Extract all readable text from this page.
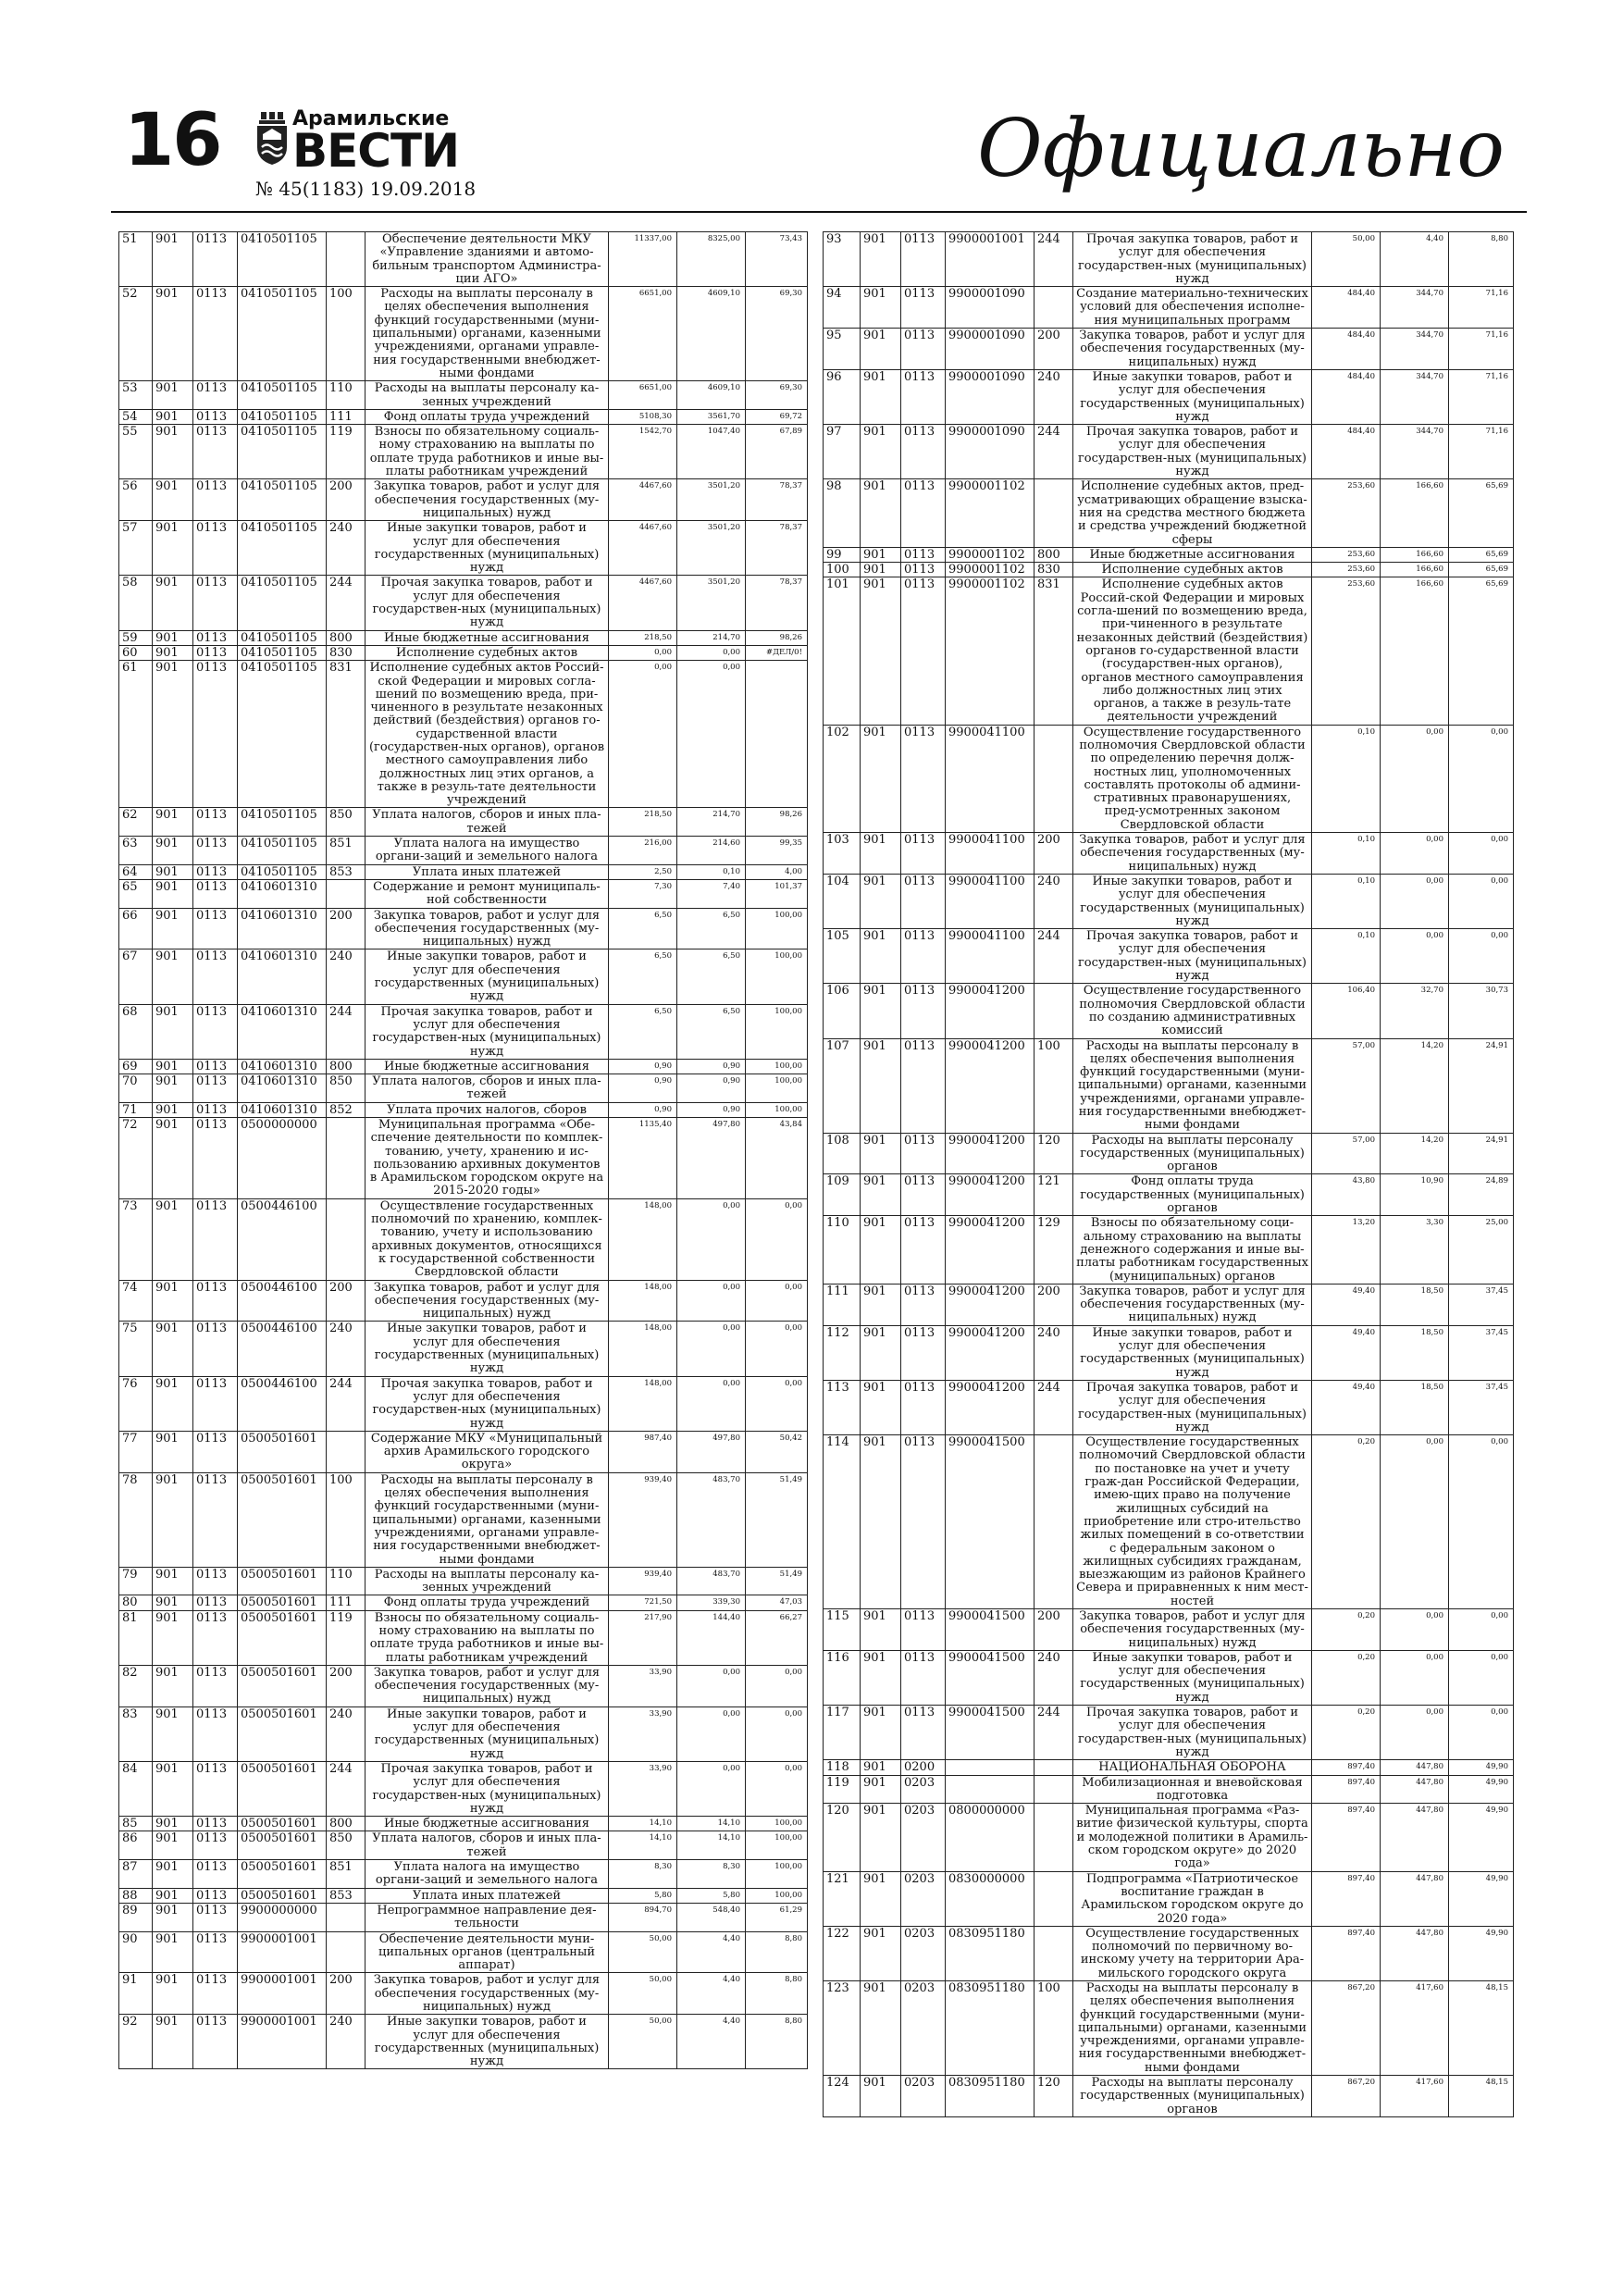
16	Арамильские
ВЕСТИ
№ 45(1183) 19.09.2018	Официально
51	901	0113	0410501105		Обеспечение деятельности МКУ «Управление зданиями и автомо-бильным транспортом Администра-ции АГО»	11337,00	8325,00	73,43
52	901	0113	0410501105	100	Расходы на выплаты персоналу в целях обеспечения выполнения функций государственными (муни-ципальными) органами, казенными учреждениями, органами управле-ния государственными внебюджет-ными фондами	6651,00	4609,10	69,30
53	901	0113	0410501105	110	Расходы на выплаты персоналу ка-зенных учреждений	6651,00	4609,10	69,30
54	901	0113	0410501105	111	Фонд оплаты труда учреждений	5108,30	3561,70	69,72
55	901	0113	0410501105	119	Взносы по обязательному социаль-ному страхованию на выплаты по оплате труда работников и иные вы-платы работникам учреждений	1542,70	1047,40	67,89
56	901	0113	0410501105	200	Закупка товаров, работ и услуг для обеспечения государственных (му-ниципальных) нужд	4467,60	3501,20	78,37
57	901	0113	0410501105	240	Иные закупки товаров, работ и услуг для обеспечения государственных (муниципальных) нужд	4467,60	3501,20	78,37
58	901	0113	0410501105	244	Прочая закупка товаров, работ и услуг для обеспечения государствен-ных (муниципальных) нужд	4467,60	3501,20	78,37
59	901	0113	0410501105	800	Иные бюджетные ассигнования	218,50	214,70	98,26
60	901	0113	0410501105	830	Исполнение судебных актов	0,00	0,00	#ДЕЛ/0!
61	901	0113	0410501105	831	Исполнение судебных актов Россий-ской Федерации и мировых согла-шений по возмещению вреда, при-чиненного в результате незаконных действий (бездействия) органов го-сударственной власти (государствен-ных органов), органов местного самоуправления либо должностных лиц этих органов, а также в резуль-тате деятельности учреждений	0,00	0,00	
62	901	0113	0410501105	850	Уплата налогов, сборов и иных пла-тежей	218,50	214,70	98,26
63	901	0113	0410501105	851	Уплата налога на имущество органи-заций и земельного налога	216,00	214,60	99,35
64	901	0113	0410501105	853	Уплата иных платежей	2,50	0,10	4,00
65	901	0113	0410601310		Содержание и ремонт муниципаль-ной собственности	7,30	7,40	101,37
66	901	0113	0410601310	200	Закупка товаров, работ и услуг для обеспечения государственных (му-ниципальных) нужд	6,50	6,50	100,00
67	901	0113	0410601310	240	Иные закупки товаров, работ и услуг для обеспечения государственных (муниципальных) нужд	6,50	6,50	100,00
68	901	0113	0410601310	244	Прочая закупка товаров, работ и услуг для обеспечения государствен-ных (муниципальных) нужд	6,50	6,50	100,00
69	901	0113	0410601310	800	Иные бюджетные ассигнования	0,90	0,90	100,00
70	901	0113	0410601310	850	Уплата налогов, сборов и иных пла-тежей	0,90	0,90	100,00
71	901	0113	0410601310	852	Уплата прочих налогов, сборов	0,90	0,90	100,00
72	901	0113	0500000000		Муниципальная программа «Обе-спечение деятельности по комплек-тованию, учету, хранению и ис-пользованию архивных документов в Арамильском городском округе на 2015-2020 годы»	1135,40	497,80	43,84
73	901	0113	0500446100		Осуществление государственных полномочий по хранению, комплек-тованию, учету и использованию архивных документов, относящихся к государственной собственности Свердловской области	148,00	0,00	0,00
74	901	0113	0500446100	200	Закупка товаров, работ и услуг для обеспечения государственных (му-ниципальных) нужд	148,00	0,00	0,00
75	901	0113	0500446100	240	Иные закупки товаров, работ и услуг для обеспечения государственных (муниципальных) нужд	148,00	0,00	0,00
76	901	0113	0500446100	244	Прочая закупка товаров, работ и услуг для обеспечения государствен-ных (муниципальных) нужд	148,00	0,00	0,00
77	901	0113	0500501601		Содержание МКУ «Муниципальный архив Арамильского городского округа»	987,40	497,80	50,42
78	901	0113	0500501601	100	Расходы на выплаты персоналу в целях обеспечения выполнения функций государственными (муни-ципальными) органами, казенными учреждениями, органами управле-ния государственными внебюджет-ными фондами	939,40	483,70	51,49
79	901	0113	0500501601	110	Расходы на выплаты персоналу ка-зенных учреждений	939,40	483,70	51,49
80	901	0113	0500501601	111	Фонд оплаты труда учреждений	721,50	339,30	47,03
81	901	0113	0500501601	119	Взносы по обязательному социаль-ному страхованию на выплаты по оплате труда работников и иные вы-платы работникам учреждений	217,90	144,40	66,27
82	901	0113	0500501601	200	Закупка товаров, работ и услуг для обеспечения государственных (му-ниципальных) нужд	33,90	0,00	0,00
83	901	0113	0500501601	240	Иные закупки товаров, работ и услуг для обеспечения государственных (муниципальных) нужд	33,90	0,00	0,00
84	901	0113	0500501601	244	Прочая закупка товаров, работ и услуг для обеспечения государствен-ных (муниципальных) нужд	33,90	0,00	0,00
85	901	0113	0500501601	800	Иные бюджетные ассигнования	14,10	14,10	100,00
86	901	0113	0500501601	850	Уплата налогов, сборов и иных пла-тежей	14,10	14,10	100,00
87	901	0113	0500501601	851	Уплата налога на имущество органи-заций и земельного налога	8,30	8,30	100,00
88	901	0113	0500501601	853	Уплата иных платежей	5,80	5,80	100,00
89	901	0113	9900000000		Непрограммное направление дея-тельности	894,70	548,40	61,29
90	901	0113	9900001001		Обеспечение деятельности муни-ципальных органов (центральный аппарат)	50,00	4,40	8,80
91	901	0113	9900001001	200	Закупка товаров, работ и услуг для обеспечения государственных (му-ниципальных) нужд	50,00	4,40	8,80
92	901	0113	9900001001	240	Иные закупки товаров, работ и услуг для обеспечения государственных (муниципальных) нужд	50,00	4,40	8,80
93	901	0113	9900001001	244	Прочая закупка товаров, работ и услуг для обеспечения государствен-ных (муниципальных) нужд	50,00	4,40	8,80
94	901	0113	9900001090		Создание материально-технических условий для обеспечения исполне-ния муниципальных программ	484,40	344,70	71,16
95	901	0113	9900001090	200	Закупка товаров, работ и услуг для обеспечения государственных (му-ниципальных) нужд	484,40	344,70	71,16
96	901	0113	9900001090	240	Иные закупки товаров, работ и услуг для обеспечения государственных (муниципальных) нужд	484,40	344,70	71,16
97	901	0113	9900001090	244	Прочая закупка товаров, работ и услуг для обеспечения государствен-ных (муниципальных) нужд	484,40	344,70	71,16
98	901	0113	9900001102		Исполнение судебных актов, пред-усматривающих обращение взыска-ния на средства местного бюджета и средства учреждений бюджетной сферы	253,60	166,60	65,69
99	901	0113	9900001102	800	Иные бюджетные ассигнования	253,60	166,60	65,69
100	901	0113	9900001102	830	Исполнение судебных актов	253,60	166,60	65,69
101	901	0113	9900001102	831	Исполнение судебных актов Россий-ской Федерации и мировых согла-шений по возмещению вреда, при-чиненного в результате незаконных действий (бездействия) органов го-сударственной власти (государствен-ных органов), органов местного самоуправления либо должностных лиц этих органов, а также в резуль-тате деятельности учреждений	253,60	166,60	65,69
102	901	0113	9900041100		Осуществление государственного полномочия Свердловской области по определению перечня долж-ностных лиц, уполномоченных составлять протоколы об админи-стративных правонарушениях, пред-усмотренных законом Свердловской области	0,10	0,00	0,00
103	901	0113	9900041100	200	Закупка товаров, работ и услуг для обеспечения государственных (му-ниципальных) нужд	0,10	0,00	0,00
104	901	0113	9900041100	240	Иные закупки товаров, работ и услуг для обеспечения государственных (муниципальных) нужд	0,10	0,00	0,00
105	901	0113	9900041100	244	Прочая закупка товаров, работ и услуг для обеспечения государствен-ных (муниципальных) нужд	0,10	0,00	0,00
106	901	0113	9900041200		Осуществление государственного полномочия Свердловской области по созданию административных комиссий	106,40	32,70	30,73
107	901	0113	9900041200	100	Расходы на выплаты персоналу в целях обеспечения выполнения функций государственными (муни-ципальными) органами, казенными учреждениями, органами управле-ния государственными внебюджет-ными фондами	57,00	14,20	24,91
108	901	0113	9900041200	120	Расходы на выплаты персоналу государственных (муниципальных) органов	57,00	14,20	24,91
109	901	0113	9900041200	121	Фонд оплаты труда государственных (муниципальных) органов	43,80	10,90	24,89
110	901	0113	9900041200	129	Взносы по обязательному соци-альному страхованию на выплаты денежного содержания и иные вы-платы работникам государственных (муниципальных) органов	13,20	3,30	25,00
111	901	0113	9900041200	200	Закупка товаров, работ и услуг для обеспечения государственных (му-ниципальных) нужд	49,40	18,50	37,45
112	901	0113	9900041200	240	Иные закупки товаров, работ и услуг для обеспечения государственных (муниципальных) нужд	49,40	18,50	37,45
113	901	0113	9900041200	244	Прочая закупка товаров, работ и услуг для обеспечения государствен-ных (муниципальных) нужд	49,40	18,50	37,45
114	901	0113	9900041500		Осуществление государственных полномочий Свердловской области по постановке на учет и учету граж-дан Российской Федерации, имею-щих право на получение жилищных субсидий на приобретение или стро-ительство жилых помещений в со-ответствии с федеральным законом о жилищных субсидиях гражданам, выезжающим из районов Крайнего Севера и приравненных к ним мест-ностей	0,20	0,00	0,00
115	901	0113	9900041500	200	Закупка товаров, работ и услуг для обеспечения государственных (му-ниципальных) нужд	0,20	0,00	0,00
116	901	0113	9900041500	240	Иные закупки товаров, работ и услуг для обеспечения государственных (муниципальных) нужд	0,20	0,00	0,00
117	901	0113	9900041500	244	Прочая закупка товаров, работ и услуг для обеспечения государствен-ных (муниципальных) нужд	0,20	0,00	0,00
118	901	0200			НАЦИОНАЛЬНАЯ ОБОРОНА	897,40	447,80	49,90
119	901	0203			Мобилизационная и вневойсковая подготовка	897,40	447,80	49,90
120	901	0203	0800000000		Муниципальная программа «Раз-витие физической культуры, спорта и молодежной политики в Арамиль-ском городском округе» до 2020 года»	897,40	447,80	49,90
121	901	0203	0830000000		Подпрограмма «Патриотическое воспитание граждан в Арамильском городском округе до 2020 года»	897,40	447,80	49,90
122	901	0203	0830951180		Осуществление государственных полномочий по первичному во-инскому учету на территории Ара-мильского городского округа	897,40	447,80	49,90
123	901	0203	0830951180	100	Расходы на выплаты персоналу в целях обеспечения выполнения функций государственными (муни-ципальными) органами, казенными учреждениями, органами управле-ния государственными внебюджет-ными фондами	867,20	417,60	48,15
124	901	0203	0830951180	120	Расходы на выплаты персоналу государственных (муниципальных) органов	867,20	417,60	48,15
